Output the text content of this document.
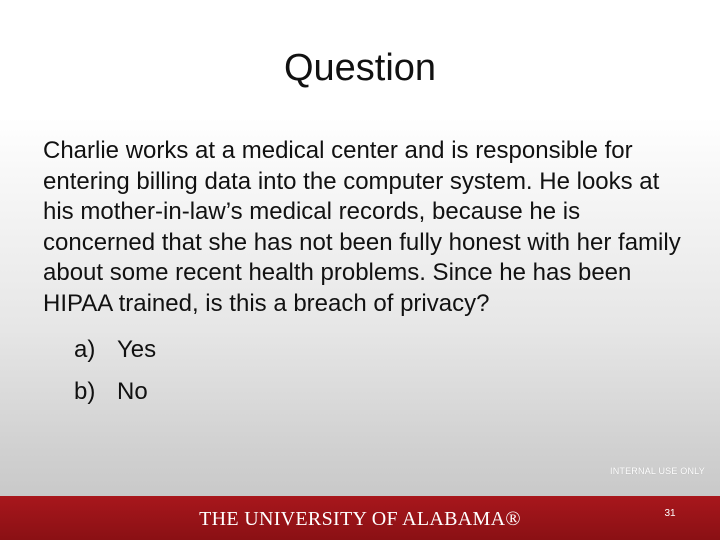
Question

Charlie works at a medical center and is responsible for entering billing data into the computer system. He looks at his mother-in-law’s medical records, because he is concerned that she has not been fully honest with her family about some recent health problems. Since he has been HIPAA trained, is this a breach of privacy?

a) Yes
b) No
INTERNAL USE ONLY
THE UNIVERSITY OF ALABAMA®	31
